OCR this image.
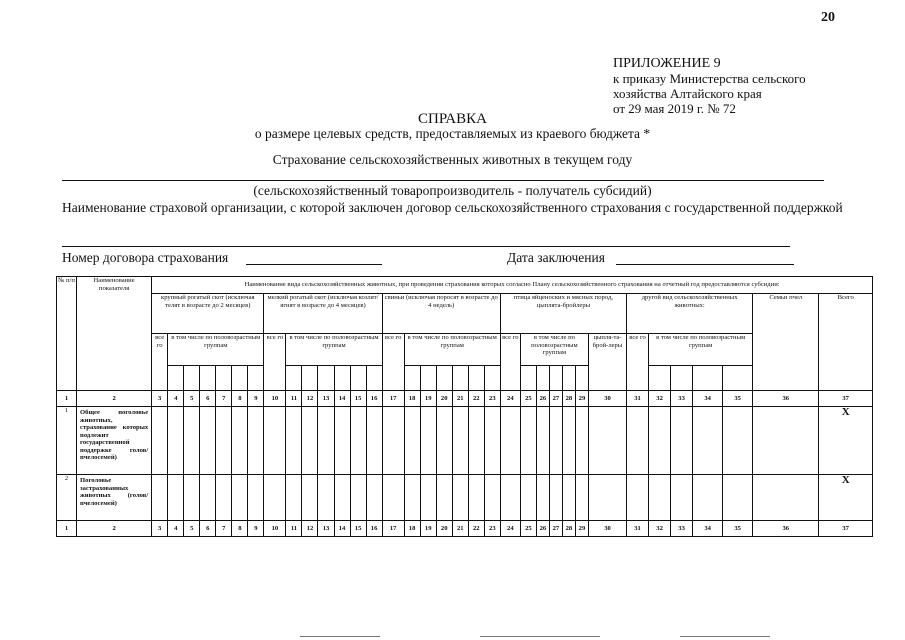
20
ПРИЛОЖЕНИЕ 9
к приказу Министерства сельского
хозяйства Алтайского края
от 29 мая 2019 г. № 72
СПРАВКА
о размере целевых средств, предоставляемых из краевого бюджета *
Страхование сельскохозяйственных животных в текущем году
(сельскохозяйственный товаропроизводитель - получатель субсидий)
Наименование страховой организации, с которой заключен договор сельскохозяйственного страхования с государственной поддержкой
Номер договора страхования	Дата заключения
№ п/п	Наименование показателя	Наименование вида сельскохозяйственных животных, при проведении страхования которых согласно Плану сельскохозяйственного страхования на отчетный год предоставляются субсидии:																																		
		крупный рогатый скот (исключая телят в возрасте до 2 месяцев)							мелкий рогатый скот (исключая козлят/ягнят в возрасте до 4 месяцев)							свиньи (исключая поросят в возрасте до 4 недель)							птица яйценоских и мясных пород, цыплята-бройлеры							другой вид сельскохозяйственных животных:					Семьи пчел	Всего
		все го	в том числе по половозрастным группам						все го	в том числе по половозрастным группам						все го	в том числе по половозрастным группам						все го	в том числе по половозрастным группам					цыпля-та-брой-леры	все го	в том числе по половозрастным группам					

1	2	3	4	5	6	7	8	9	10	11	12	13	14	15	16	17	18	19	20	21	22	23	24	25	26	27	28	29	30	31	32	33	34	35	36	37
1	Общее поголовье животных, страхование которых подлежит государственной поддержке голов/пчелосемей)																																			X
2	Поголовье застрахованных животных (голов/пчелосемей)																																			X
1	2	3	4	5	6	7	8	9	10	11	12	13	14	15	16	17	18	19	20	21	22	23	24	25	26	27	28	29	30	31	32	33	34	35	36	37
